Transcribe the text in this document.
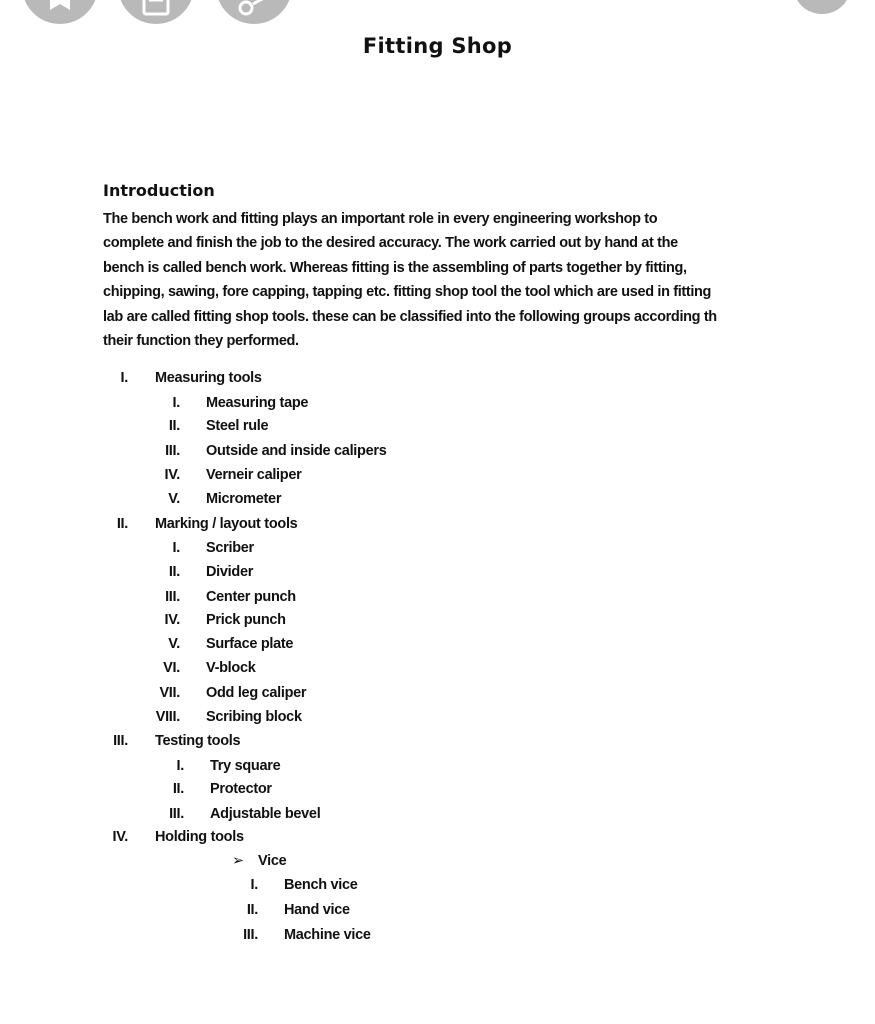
Fitting Shop
Introduction
The bench work and fitting plays an important role in every engineering workshop to
complete and finish the job to the desired accuracy. The work carried out by hand at the
bench is called bench work. Whereas fitting is the assembling of parts together by fitting,
chipping, sawing, fore capping, tapping etc. fitting shop tool the tool which are used in fitting
lab are called fitting shop tools. these can be classified into the following groups according th
their function they performed.
I. Measuring tools
I. Measuring tape
II. Steel rule
III. Outside and inside calipers
IV. Verneir caliper
V. Micrometer
II. Marking / layout tools
I. Scriber
II. Divider
III. Center punch
IV. Prick punch
V. Surface plate
VI. V-block
VII. Odd leg caliper
VIII. Scribing block
III. Testing tools
I. Try square
II. Protector
III. Adjustable bevel
IV. Holding tools
➢ Vice
I. Bench vice
II. Hand vice
III. Machine vice
